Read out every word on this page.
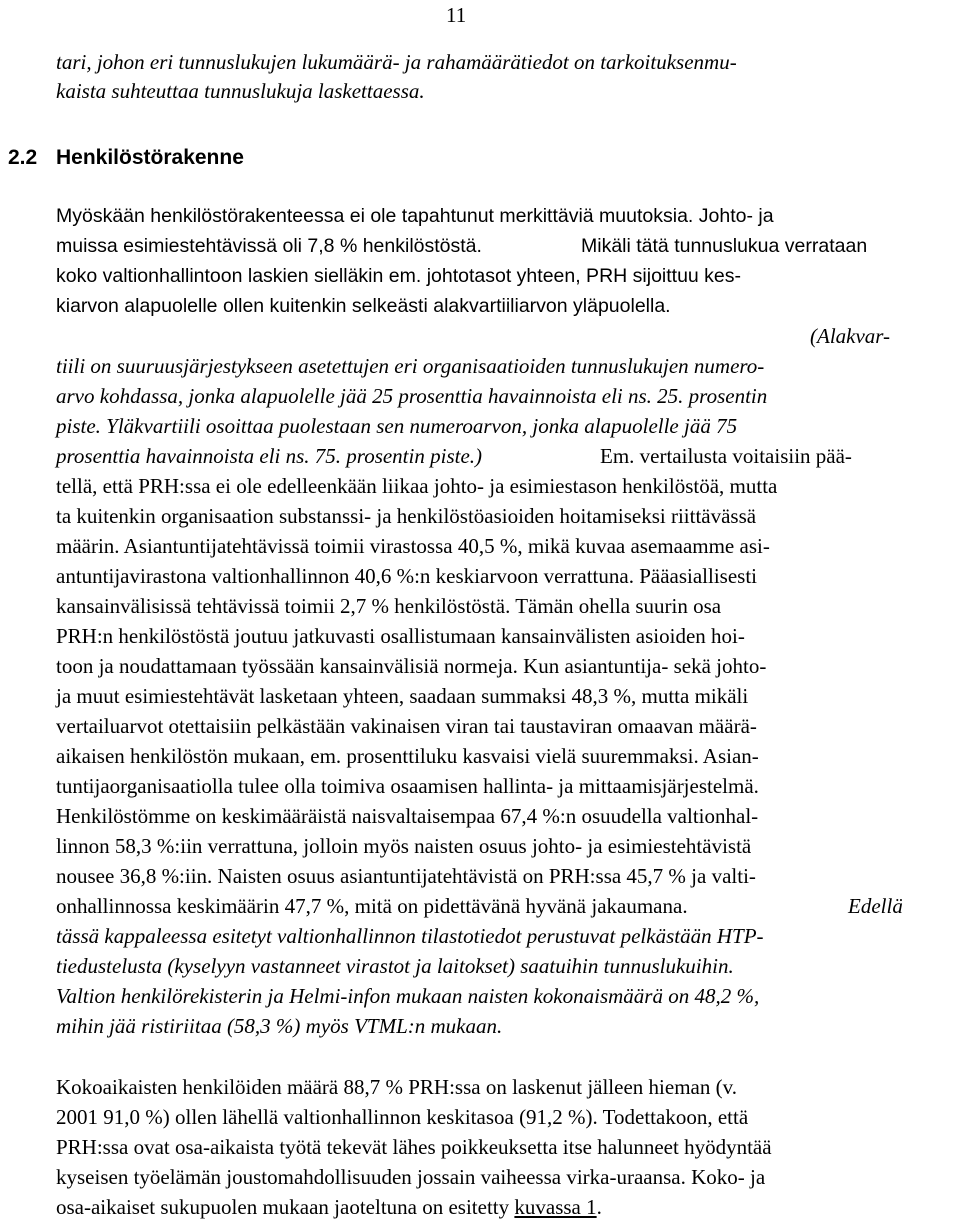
11
tari, johon eri tunnuslukujen lukumäärä- ja rahamäärätiedot on tarkoituksenmu-
kaista suhteuttaa tunnuslukuja laskettaessa.
2.2 Henkilöstörakenne
Myöskään henkilöstörakenteessa ei ole tapahtunut merkittäviä muutoksia. Johto- ja
muissa esimiestehtävissä oli 7,8 % henkilöstöstä.	Mikäli tätä tunnuslukua verrataan
koko valtionhallintoon laskien sielläkin em. johtotasot yhteen, PRH sijoittuu kes-
kiarvon alapuolelle ollen kuitenkin selkeästi alakvartiiliarvon yläpuolella.
(Alakvar-
tiili on suuruusjärjestykseen asetettujen eri organisaatioiden tunnuslukujen numero-
arvo kohdassa, jonka alapuolelle jää 25 prosenttia havainnoista eli ns. 25. prosentin
piste. Yläkvartiili osoittaa puolestaan sen numeroarvon, jonka alapuolelle jää 75
prosenttia havainnoista eli ns. 75. prosentin piste.)	Em. vertailusta voitaisiin pää-
tellä, että PRH:ssa ei ole edelleenkään liikaa johto- ja esimiestason henkilöstöä, mutta
ta kuitenkin organisaation substanssi- ja henkilöstöasioiden hoitamiseksi riittävässä
määrin. Asiantuntijatehtävissä toimii virastossa 40,5 %, mikä kuvaa asemaamme asi-
antuntijavirastona valtionhallinnon 40,6 %:n keskiarvoon verrattuna. Pääasiallisesti
kansainvälisissä tehtävissä toimii 2,7 % henkilöstöstä. Tämän ohella suurin osa
PRH:n henkilöstöstä joutuu jatkuvasti osallistumaan kansainvälisten asioiden hoi-
toon ja noudattamaan työssään kansainvälisiä normeja. Kun asiantuntija- sekä johto-
ja muut esimiestehtävät lasketaan yhteen, saadaan summaksi 48,3 %, mutta mikäli
vertailuarvot otettaisiin pelkästään vakinaisen viran tai taustaviran omaavan määrä-
aikaisen henkilöstön mukaan, em. prosenttiluku kasvaisi vielä suuremmaksi. Asian-
tuntijaorganisaatiolla tulee olla toimiva osaamisen hallinta- ja mittaamisjärjestelmä.
Henkilöstömme on keskimääräistä naisvaltaisempaa 67,4 %:n osuudella valtionhal-
linnon 58,3 %:iin verrattuna, jolloin myös naisten osuus johto- ja esimiestehtävistä
nousee 36,8 %:iin. Naisten osuus asiantuntijatehtävistä on PRH:ssa 45,7 % ja valti-
onhallinnossa keskimäärin 47,7 %, mitä on pidettävänä hyvänä jakaumana.	Edellä
tässä kappaleessa esitetyt valtionhallinnon tilastotiedot perustuvat pelkästään HTP-
tiedustelusta (kyselyyn vastanneet virastot ja laitokset) saatuihin tunnuslukuihin.
Valtion henkilörekisterin ja Helmi-infon mukaan naisten kokonaismäärä on 48,2 %,
mihin jää ristiriitaa (58,3 %) myös VTML:n mukaan.
Kokoaikaisten henkilöiden määrä 88,7 % PRH:ssa on laskenut jälleen hieman (v.
2001 91,0 %) ollen lähellä valtionhallinnon keskitasoa (91,2 %). Todettakoon, että
PRH:ssa ovat osa-aikaista työtä tekevät lähes poikkeuksetta itse halunneet hyödyntää
kyseisen työelämän joustomahdollisuuden jossain vaiheessa virka-uraansa. Koko- ja
osa-aikaiset sukupuolen mukaan jaoteltuna on esitetty kuvassa 1.
